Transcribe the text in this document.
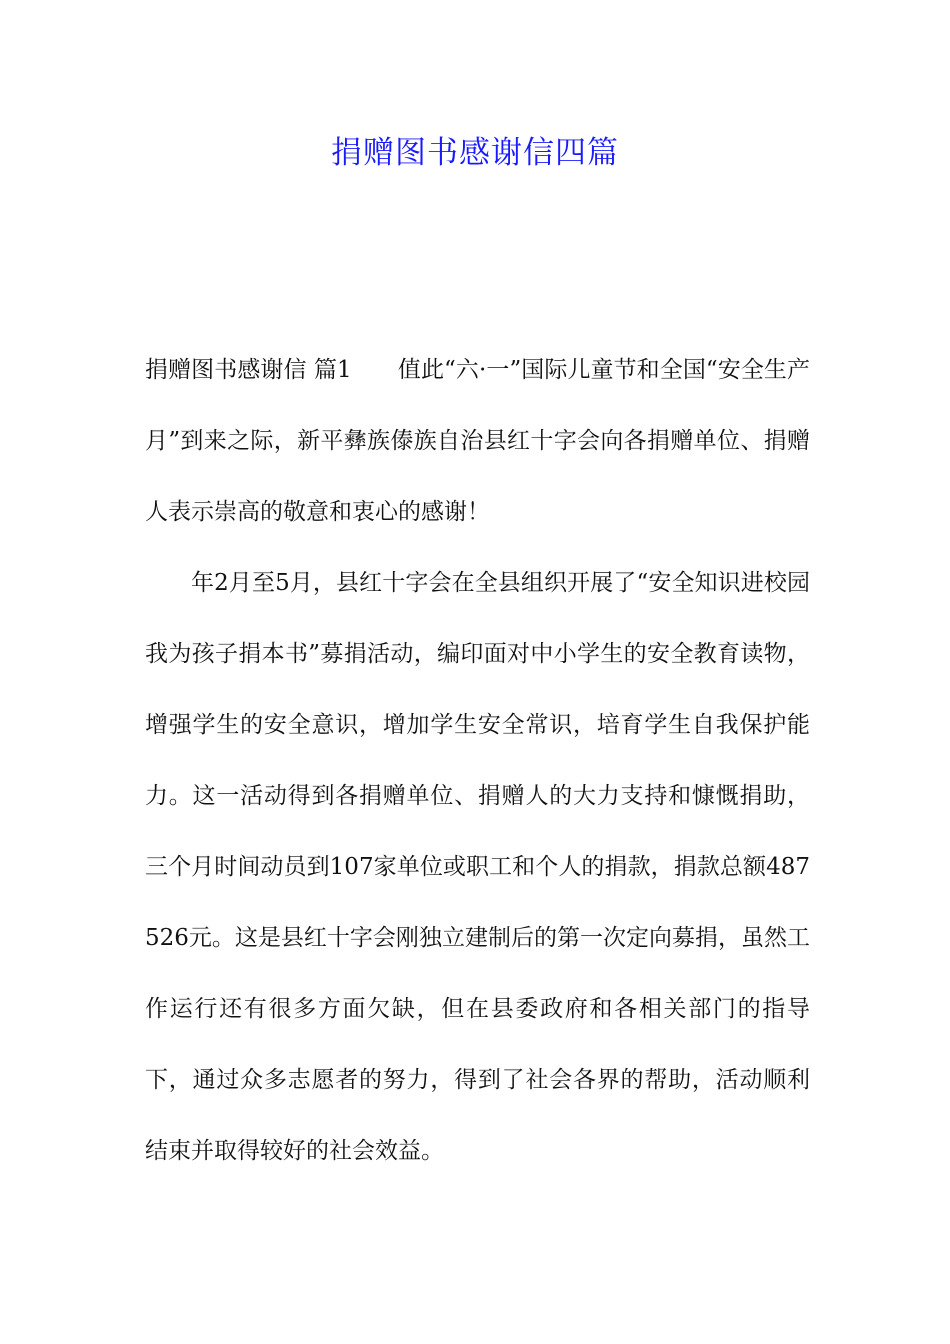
捐赠图书感谢信四篇

捐赠图书感谢信 篇1　　值此“六·一”国际儿童节和全国“安全生产月”到来之际，新平彝族傣族自治县红十字会向各捐赠单位、捐赠人表示崇高的敬意和衷心的感谢！

年2月至5月，县红十字会在全县组织开展了“安全知识进校园我为孩子捐本书”募捐活动，编印面对中小学生的安全教育读物，增强学生的安全意识，增加学生安全常识，培育学生自我保护能力。这一活动得到各捐赠单位、捐赠人的大力支持和慷慨捐助，三个月时间动员到107家单位或职工和个人的捐款，捐款总额487526元。这是县红十字会刚独立建制后的第一次定向募捐，虽然工作运行还有很多方面欠缺，但在县委政府和各相关部门的指导下，通过众多志愿者的努力，得到了社会各界的帮助，活动顺利结束并取得较好的社会效益。
